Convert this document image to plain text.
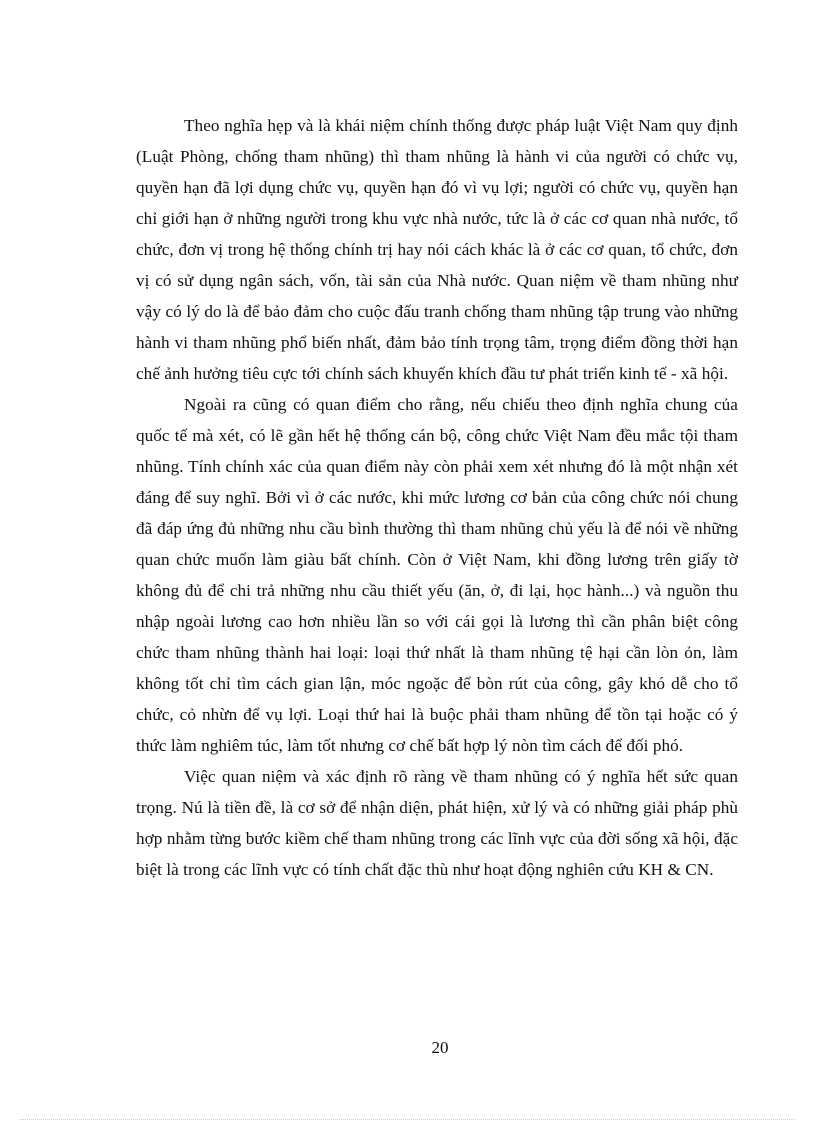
Theo nghĩa hẹp và là khái niệm chính thống được pháp luật Việt Nam quy định (Luật Phòng, chống tham nhũng) thì tham nhũng là hành vi của người có chức vụ, quyền hạn đã lợi dụng chức vụ, quyền hạn đó vì vụ lợi; người có chức vụ, quyền hạn chỉ giới hạn ở những người trong khu vực nhà nước, tức là ở các cơ quan nhà nước, tổ chức, đơn vị trong hệ thống chính trị hay nói cách khác là ở các cơ quan, tổ chức, đơn vị có sử dụng ngân sách, vốn, tài sản của Nhà nước. Quan niệm về tham nhũng như vậy có lý do là để bảo đảm cho cuộc đấu tranh chống tham nhũng tập trung vào những hành vi tham nhũng phổ biến nhất, đảm bảo tính trọng tâm, trọng điểm đồng thời hạn chế ảnh hưởng tiêu cực tới chính sách khuyến khích đầu tư phát triển kinh tế - xã hội.

Ngoài ra cũng có quan điểm cho rằng, nếu chiếu theo định nghĩa chung của quốc tế mà xét, có lẽ gần hết hệ thống cán bộ, công chức Việt Nam đều mắc tội tham nhũng. Tính chính xác của quan điểm này còn phải xem xét nhưng đó là một nhận xét đáng để suy nghĩ. Bởi vì ở các nước, khi mức lương cơ bản của công chức nói chung đã đáp ứng đủ những nhu cầu bình thường thì tham nhũng chủ yếu là để nói về những quan chức muốn làm giàu bất chính. Còn ở Việt Nam, khi đồng lương trên giấy tờ không đủ để chi trả những nhu cầu thiết yếu (ăn, ở, đi lại, học hành...) và nguồn thu nhập ngoài lương cao hơn nhiều lần so với cái gọi là lương thì cần phân biệt công chức tham nhũng thành hai loại: loại thứ nhất là tham nhũng tệ hại cần lòn ỏn, làm không tốt chỉ tìm cách gian lận, móc ngoặc để bòn rút của công, gây khó dễ cho tổ chức, cỏ nhừn để vụ lợi. Loại thứ hai là buộc phải tham nhũng để tồn tại hoặc có ý thức làm nghiêm túc, làm tốt nhưng cơ chế bất hợp lý nòn tìm cách để đối phó.

Việc quan niệm và xác định rõ ràng về tham nhũng có ý nghĩa hết sức quan trọng. Nú là tiền đề, là cơ sở để nhận diện, phát hiện, xử lý và có những giải pháp phù hợp nhằm từng bước kiềm chế tham nhũng trong các lĩnh vực của đời sống xã hội, đặc biệt là trong các lĩnh vực có tính chất đặc thù như hoạt động nghiên cứu KH & CN.

20
